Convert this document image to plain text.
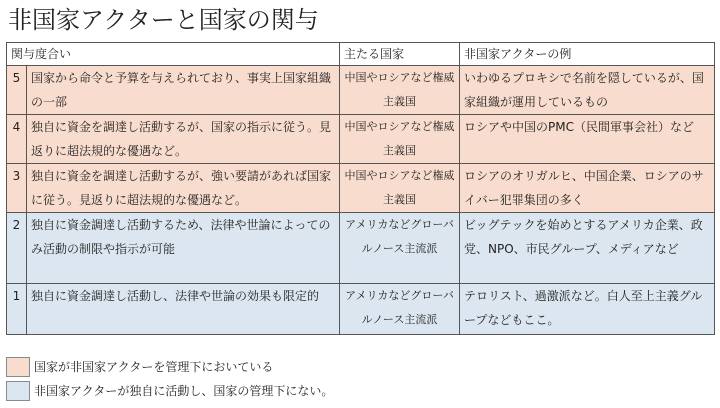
非国家アクターと国家の関与
関与度合い		主たる国家	非国家アクターの例
5	国家から命令と予算を与えられており、事実上国家組織の一部	中国やロシアなど権威主義国	いわゆるプロキシで名前を隠しているが、国家組織が運用しているもの
4	独自に資金を調達し活動するが、国家の指示に従う。見返りに超法規的な優遇など。	中国やロシアなど権威主義国	ロシアや中国のPMC（民間軍事会社）など
3	独自に資金を調達し活動するが、強い要請があれば国家に従う。見返りに超法規的な優遇など。	中国やロシアなど権威主義国	ロシアのオリガルヒ、中国企業、ロシアのサイバー犯罪集団の多く
2	独自に資金調達し活動するため、法律や世論によってのみ活動の制限や指示が可能	アメリカなどグローバルノース主流派	ビッグテックを始めとするアメリカ企業、政党、NPO、市民グループ、メディアなど
1	独自に資金調達し活動し、法律や世論の効果も限定的	アメリカなどグローバルノース主流派	テロリスト、過激派など。白人至上主義グループなどもここ。
国家が非国家アクターを管理下においている
非国家アクターが独自に活動し、国家の管理下にない。
